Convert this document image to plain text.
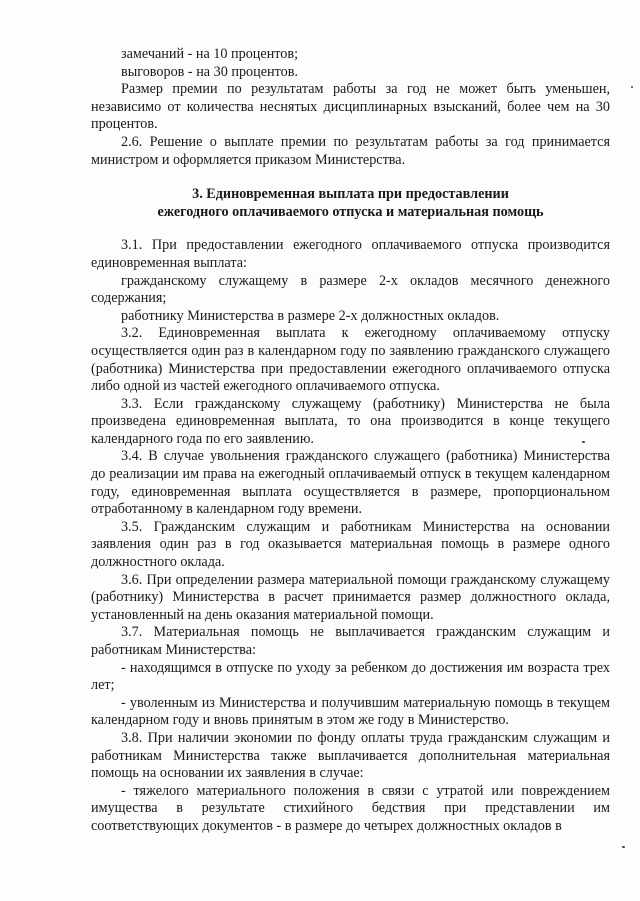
замечаний - на 10 процентов;

выговоров - на 30 процентов.

Размер премии по результатам работы за год не может быть уменьшен, независимо от количества неснятых дисциплинарных взысканий, более чем на 30 процентов.

2.6. Решение о выплате премии по результатам работы за год принимается министром и оформляется приказом Министерства.

3. Единовременная выплата при предоставлении
ежегодного оплачиваемого отпуска и материальная помощь

3.1. При предоставлении ежегодного оплачиваемого отпуска производится единовременная выплата:

гражданскому служащему в размере 2-х окладов месячного денежного содержания;

работнику Министерства в размере 2-х должностных окладов.

3.2. Единовременная выплата к ежегодному оплачиваемому отпуску осуществляется один раз в календарном году по заявлению гражданского служащего (работника) Министерства при предоставлении ежегодного оплачиваемого отпуска либо одной из частей ежегодного оплачиваемого отпуска.

3.3. Если гражданскому служащему (работнику) Министерства не была произведена единовременная выплата, то она производится в конце текущего календарного года по его заявлению.

3.4. В случае увольнения гражданского служащего (работника) Министерства до реализации им права на ежегодный оплачиваемый отпуск в текущем календарном году, единовременная выплата осуществляется в размере, пропорциональном отработанному в календарном году времени.

3.5. Гражданским служащим и работникам Министерства на основании заявления один раз в год оказывается материальная помощь в размере одного должностного оклада.

3.6. При определении размера материальной помощи гражданскому служащему (работнику) Министерства в расчет принимается размер должностного оклада, установленный на день оказания материальной помощи.

3.7. Материальная помощь не выплачивается гражданским служащим и работникам Министерства:

- находящимся в отпуске по уходу за ребенком до достижения им возраста трех лет;

- уволенным из Министерства и получившим материальную помощь в текущем календарном году и вновь принятым в этом же году в Министерство.

3.8. При наличии экономии по фонду оплаты труда гражданским служащим и работникам Министерства также выплачивается дополнительная материальная помощь на основании их заявления в случае:

- тяжелого материального положения в связи с утратой или повреждением имущества в результате стихийного бедствия при представлении им соответствующих документов - в размере до четырех должностных окладов в
